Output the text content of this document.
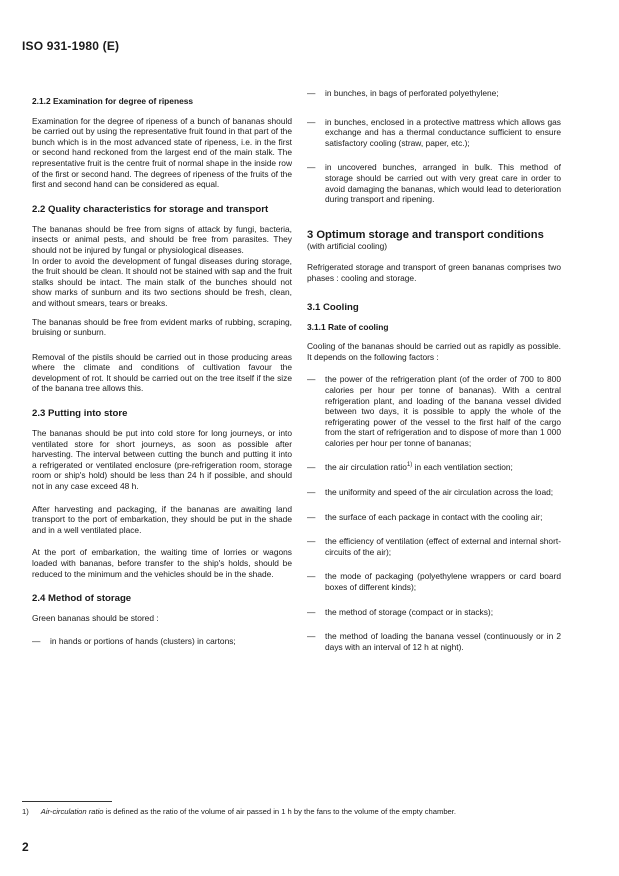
ISO 931-1980 (E)
2.1.2 Examination for degree of ripeness

Examination for the degree of ripeness of a bunch of bananas should be carried out by using the representative fruit found in that part of the bunch which is in the most advanced state of ripeness, i.e. in the first or second hand reckoned from the largest end of the main stalk. The representative fruit is the centre fruit of normal shape in the inside row of the first or second hand. The degrees of ripeness of the fruits of the first and second hand can be considered as equal.

2.2 Quality characteristics for storage and transport

The bananas should be free from signs of attack by fungi, bacteria, insects or animal pests, and should be free from parasites. They should not be injured by fungal or physiological diseases.

In order to avoid the development of fungal diseases during storage, the fruit should be clean. It should not be stained with sap and the fruit stalks should be intact. The main stalk of the bunches should not show marks of sunburn and its two sections should be fresh, clean, and without smears, tears or breaks.

The bananas should be free from evident marks of rubbing, scraping, bruising or sunburn.

Removal of the pistils should be carried out in those producing areas where the climate and conditions of cultivation favour the development of rot. It should be carried out on the tree itself if the size of the banana tree allows this.

2.3 Putting into store

The bananas should be put into cold store for long journeys, or into ventilated store for short journeys, as soon as possible after harvesting. The interval between cutting the bunch and putting it into a refrigerated or ventilated enclosure (pre-refrigeration room, storage room or ship's hold) should be less than 24 h if possible, and should not in any case exceed 48 h.

After harvesting and packaging, if the bananas are awaiting land transport to the port of embarkation, they should be put in the shade and in a well ventilated place.

At the port of embarkation, the waiting time of lorries or wagons loaded with bananas, before transfer to the ship's holds, should be reduced to the minimum and the vehicles should be in the shade.

2.4 Method of storage

Green bananas should be stored :

—	in hands or portions of hands (clusters) in cartons;
—	in bunches, in bags of perforated polyethylene;
—	in bunches, enclosed in a protective mattress which allows gas exchange and has a thermal conductance sufficient to ensure satisfactory cooling (straw, paper, etc.);
—	in uncovered bunches, arranged in bulk. This method of storage should be carried out with very great care in order to avoid damaging the bananas, which would lead to deterioration during transport and ripening.
3 Optimum storage and transport conditions
(with artificial cooling)

Refrigerated storage and transport of green bananas comprises two phases : cooling and storage.

3.1 Cooling
3.1.1 Rate of cooling

Cooling of the bananas should be carried out as rapidly as possible. It depends on the following factors :

—	the power of the refrigeration plant (of the order of 700 to 800 calories per hour per tonne of bananas). With a central refrigeration plant, and loading of the banana vessel divided between two days, it is possible to apply the whole of the refrigerating power of the vessel to the first half of the cargo from the start of refrigeration and to dispose of more than 1 000 calories per hour per tonne of bananas;
—	the air circulation ratio$^{1)}$ in each ventilation section;
—	the uniformity and speed of the air circulation across the load;
—	the surface of each package in contact with the cooling air;
—	the efficiency of ventilation (effect of external and internal short-circuits of the air);
—	the mode of packaging (polyethylene wrappers or card board boxes of different kinds);
—	the method of storage (compact or in stacks);
—	the method of loading the banana vessel (continuously or in 2 days with an interval of 12 h at night).
1) Air-circulation ratio is defined as the ratio of the volume of air passed in 1 h by the fans to the volume of the empty chamber.
2
